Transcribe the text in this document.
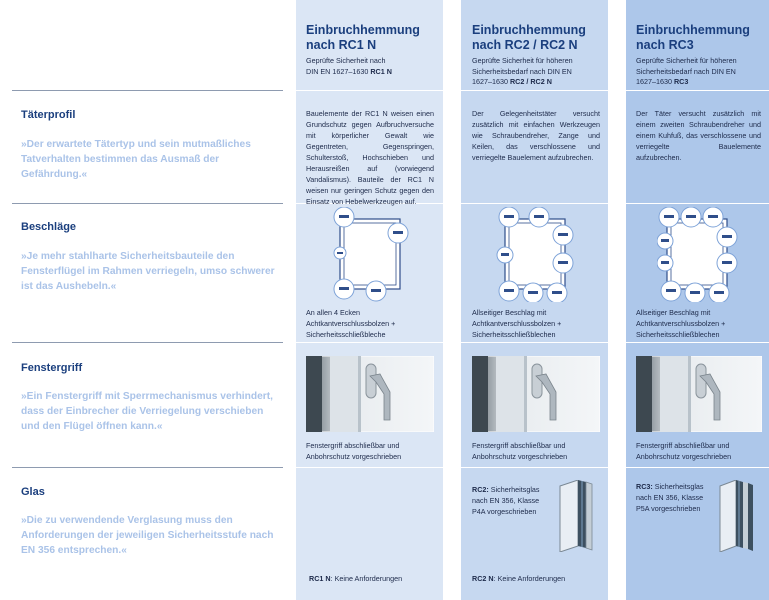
Einbruchhemmung
nach RC1 N
Geprüfte Sicherheit nach
DIN EN 1627–1630 RC1 N
Einbruchhemmung
nach RC2 / RC2 N
Geprüfte Sicherheit für höheren
Sicherheitsbedarf nach DIN EN
1627–1630 RC2 / RC2 N
Einbruchhemmung
nach RC3
Geprüfte Sicherheit für höheren
Sicherheitsbedarf nach DIN EN
1627–1630 RC3
Täterprofil
»Der erwartete Tätertyp und sein mutmaßliches Tatverhalten bestimmen das Ausmaß der Gefährdung.«
Bauelemente der RC1 N weisen einen Grundschutz gegen Aufbruchversuche mit körperlicher Gewalt wie Gegentreten, Gegenspringen, Schulterstoß, Hochschieben und Herausreißen auf (vorwiegend Vandalismus). Bauteile der RC1 N weisen nur geringen Schutz gegen den Einsatz von Hebelwerkzeugen auf.
Der Gelegenheitstäter versucht zusätzlich mit einfachen Werkzeugen wie Schraubendreher, Zange und Keilen, das verschlossene und verriegelte Bauelement aufzubrechen.
Der Täter versucht zusätzlich mit einem zweiten Schraubendreher und einem Kuhfuß, das verschlossene und verriegelte Bauelemente aufzubrechen.
Beschläge
»Je mehr stahlharte Sicherheitsbauteile den Fensterflügel im Rahmen verriegeln, umso schwerer ist das Aushebeln.«
An allen 4 Ecken Achtkantverschlussbolzen + Sicherheitsschließbleche
Allseitiger Beschlag mit Achtkantverschlussbolzen + Sicherheitsschließblechen
Allseitiger Beschlag mit Achtkantverschlussbolzen + Sicherheitsschließblechen
Fenstergriff
»Ein Fenstergriff mit Sperrmechanismus verhindert, dass der Einbrecher die Verriegelung verschieben und den Flügel öffnen kann.«
Fenstergriff abschließbar und Anbohrschutz vorgeschrieben
Fenstergriff abschließbar und Anbohrschutz vorgeschrieben
Fenstergriff abschließbar und Anbohrschutz vorgeschrieben
Glas
»Die zu verwendende Verglasung muss den Anforderungen der jeweiligen Sicherheitsstufe nach EN 356 entsprechen.«
RC2: Sicherheitsglas nach EN 356, Klasse P4A vorgeschrieben
RC3: Sicherheitsglas nach EN 356, Klasse P5A vorgeschrieben
RC1 N: Keine Anforderungen	RC2 N: Keine Anforderungen
